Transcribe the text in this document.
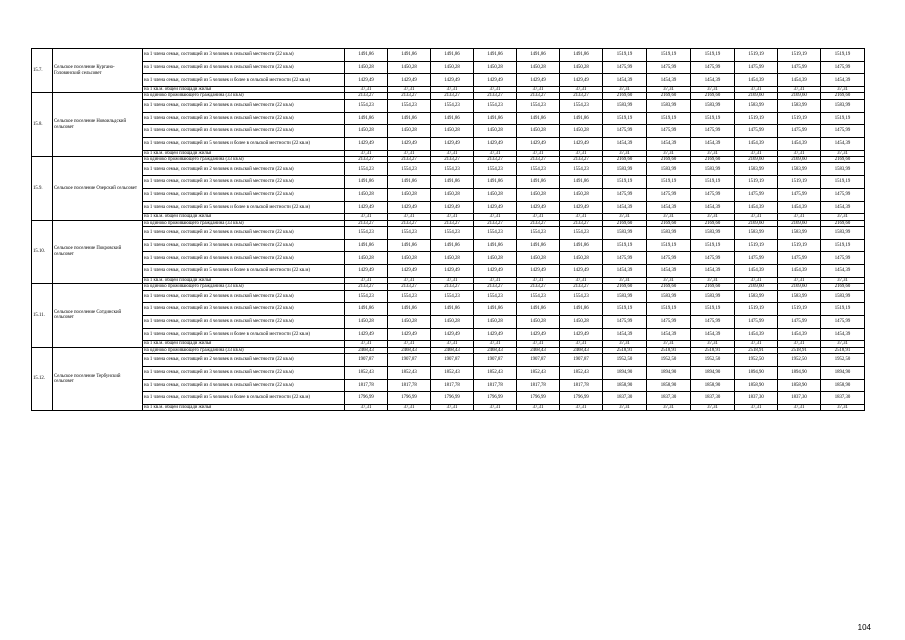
15.7.	Сельское поселение Кургано-Головинский сельсовет	на 1 члена семьи, состоящей из 3 человек в сельской местности (22 кв.м)	1491,86	1491,86	1491,86	1491,86	1491,86	1491,86	1519,19	1519,19	1519,19	1519,19	1519,19	1519,19
		на 1 члена семьи, состоящей из 4 человек в сельской местности (22 кв.м)	1450,28	1450,28	1450,28	1450,28	1450,28	1450,28	1475,99	1475,99	1475,99	1475,99	1475,99	1475,99
		на 1 члена семьи, состоящей из 5 человек и более в сельской местности (22 кв.м)	1429,49	1429,49	1429,49	1429,49	1429,49	1429,49	1454,39	1454,39	1454,39	1454,39	1454,39	1454,39
		на 1 кв.м. общей площади жилья	37,31	37,31	37,31	37,31	37,31	37,31	37,31	37,31	37,31	37,31	37,31	37,31
15.8.	Сельское поселение Новоильдский сельсовет	на одиноко проживающего гражданина (33 кв.м)	2133,27	2133,27	2133,27	2133,27	2133,27	2133,27	2169,60	2169,60	2169,60	2169,60	2169,60	2169,60
		на 1 члена семьи, состоящей из 2 человек в сельской местности (22 кв.м)	1554,23	1554,23	1554,23	1554,23	1554,23	1554,23	1583,99	1583,99	1583,99	1583,99	1583,99	1583,99
		на 1 члена семьи, состоящей из 3 человек в сельской местности (22 кв.м)	1491,86	1491,86	1491,86	1491,86	1491,86	1491,86	1519,19	1519,19	1519,19	1519,19	1519,19	1519,19
		на 1 члена семьи, состоящей из 4 человек в сельской местности (22 кв.м)	1450,28	1450,28	1450,28	1450,28	1450,28	1450,28	1475,99	1475,99	1475,99	1475,99	1475,99	1475,99
		на 1 члена семьи, состоящей из 5 человек и более в сельской местности (22 кв.м)	1429,49	1429,49	1429,49	1429,49	1429,49	1429,49	1454,39	1454,39	1454,39	1454,39	1454,39	1454,39
		на 1 кв.м. общей площади жилья	37,31	37,31	37,31	37,31	37,31	37,31	37,31	37,31	37,31	37,31	37,31	37,31
15.9.	Сельское поселение Озерский сельсовет	на одиноко проживающего гражданина (33 кв.м)	2133,27	2133,27	2133,27	2133,27	2133,27	2133,27	2169,60	2169,60	2169,60	2169,60	2169,60	2169,60
		на 1 члена семьи, состоящей из 2 человек в сельской местности (22 кв.м)	1554,23	1554,23	1554,23	1554,23	1554,23	1554,23	1583,99	1583,99	1583,99	1583,99	1583,99	1583,99
		на 1 члена семьи, состоящей из 3 человек в сельской местности (22 кв.м)	1491,86	1491,86	1491,86	1491,86	1491,86	1491,86	1519,19	1519,19	1519,19	1519,19	1519,19	1519,19
		на 1 члена семьи, состоящей из 4 человек в сельской местности (22 кв.м)	1450,28	1450,28	1450,28	1450,28	1450,28	1450,28	1475,99	1475,99	1475,99	1475,99	1475,99	1475,99
		на 1 члена семьи, состоящей из 5 человек и более в сельской местности (22 кв.м)	1429,49	1429,49	1429,49	1429,49	1429,49	1429,49	1454,39	1454,39	1454,39	1454,39	1454,39	1454,39
		на 1 кв.м. общей площади жилья	37,31	37,31	37,31	37,31	37,31	37,31	37,31	37,31	37,31	37,31	37,31	37,31
15.10.	Сельское поселение Покровский сельсовет	на одиноко проживающего гражданина (33 кв.м)	2133,27	2133,27	2133,27	2133,27	2133,27	2133,27	2169,60	2169,60	2169,60	2169,60	2169,60	2169,60
		на 1 члена семьи, состоящей из 2 человек в сельской местности (22 кв.м)	1554,23	1554,23	1554,23	1554,23	1554,23	1554,23	1583,99	1583,99	1583,99	1583,99	1583,99	1583,99
		на 1 члена семьи, состоящей из 3 человек в сельской местности (22 кв.м)	1491,86	1491,86	1491,86	1491,86	1491,86	1491,86	1519,19	1519,19	1519,19	1519,19	1519,19	1519,19
		на 1 члена семьи, состоящей из 4 человек в сельской местности (22 кв.м)	1450,28	1450,28	1450,28	1450,28	1450,28	1450,28	1475,99	1475,99	1475,99	1475,99	1475,99	1475,99
		на 1 члена семьи, состоящей из 5 человек и более в сельской местности (22 кв.м)	1429,49	1429,49	1429,49	1429,49	1429,49	1429,49	1454,39	1454,39	1454,39	1454,39	1454,39	1454,39
		на 1 кв.м. общей площади жилья	37,31	37,31	37,31	37,31	37,31	37,31	37,31	37,31	37,31	37,31	37,31	37,31
15.11.	Сельское поселение Сотдинский сельсовет	на одиноко проживающего гражданина (33 кв.м)	2133,27	2133,27	2133,27	2133,27	2133,27	2133,27	2169,60	2169,60	2169,60	2169,60	2169,60	2169,60
		на 1 члена семьи, состоящей из 2 человек в сельской местности (22 кв.м)	1554,23	1554,23	1554,23	1554,23	1554,23	1554,23	1583,99	1583,99	1583,99	1583,99	1583,99	1583,99
		на 1 члена семьи, состоящей из 3 человек в сельской местности (22 кв.м)	1491,86	1491,86	1491,86	1491,86	1491,86	1491,86	1519,19	1519,19	1519,19	1519,19	1519,19	1519,19
		на 1 члена семьи, состоящей из 4 человек в сельской местности (22 кв.м)	1450,28	1450,28	1450,28	1450,28	1450,28	1450,28	1475,99	1475,99	1475,99	1475,99	1475,99	1475,99
		на 1 члена семьи, состоящей из 5 человек и более в сельской местности (22 кв.м)	1429,49	1429,49	1429,49	1429,49	1429,49	1429,49	1454,39	1454,39	1454,39	1454,39	1454,39	1454,39
		на 1 кв.м. общей площади жилья	37,31	37,31	37,31	37,31	37,31	37,31	37,31	37,31	37,31	37,31	37,31	37,31
15.12.	Сельское поселение Тербунский сельсовет	на одиноко проживающего гражданина (33 кв.м)	2468,43	2468,43	2468,43	2468,43	2468,43	2468,43	2518,91	2518,91	2518,91	2518,91	2518,91	2518,91
		на 1 члена семьи, состоящей из 2 человек в сельской местности (22 кв.м)	1907,87	1907,87	1907,87	1907,87	1907,87	1907,87	1952,50	1952,50	1952,50	1952,50	1952,50	1952,50
		на 1 члена семьи, состоящей из 3 человек в сельской местности (22 кв.м)	1852,43	1852,43	1852,43	1852,43	1852,43	1852,43	1894,90	1894,90	1894,90	1894,90	1894,90	1894,90
		на 1 члена семьи, состоящей из 4 человек в сельской местности (22 кв.м)	1817,78	1817,78	1817,78	1817,78	1817,78	1817,78	1858,90	1858,90	1858,90	1858,90	1858,90	1858,90
		на 1 члена семьи, состоящей из 5 человек и более в сельской местности (22 кв.м)	1796,99	1796,99	1796,99	1796,99	1796,99	1796,99	1837,30	1837,30	1837,30	1837,30	1837,30	1837,30
		на 1 кв.м. общей площади жилья	37,31	37,31	37,31	37,31	37,31	37,31	37,31	37,31	37,31	37,31	37,31	37,31
104
